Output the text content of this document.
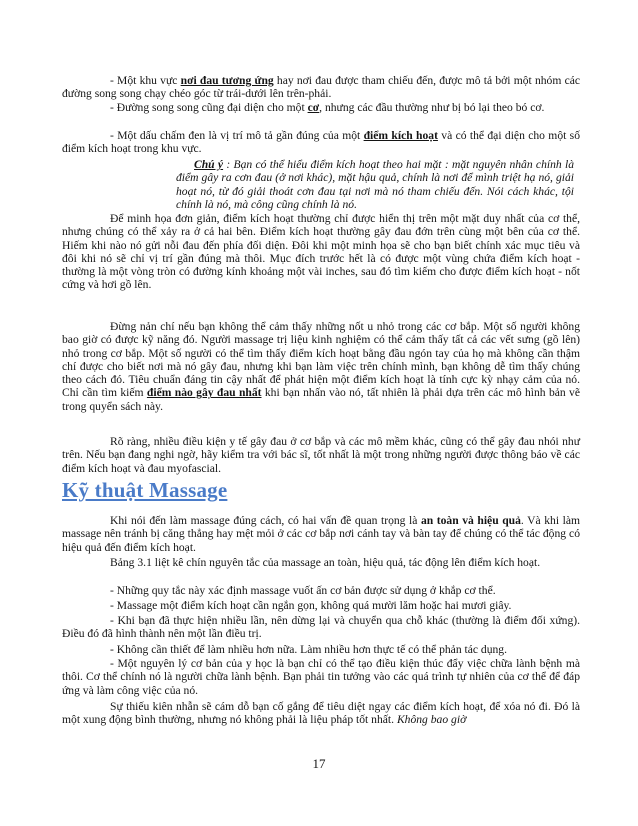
- Một khu vực nơi đau tương ứng hay nơi đau được tham chiếu đến, được mô tả bởi một nhóm các đường song song chạy chéo góc từ trái-dưới lên trên-phải.

- Đường song song cũng đại diện cho một cơ, nhưng các đầu thường như bị bó lại theo bó cơ.

- Một dấu chấm đen là vị trí mô tả gần đúng của một điểm kích hoạt và có thể đại diện cho một số điểm kích hoạt trong khu vực.

Chú ý : Bạn có thể hiểu điểm kích hoạt theo hai mặt : mặt nguyên nhân chính là điểm gây ra cơn đau (ở nơi khác), mặt hậu quả, chính là nơi để mình triệt hạ nó, giải hoạt nó, từ đó giải thoát cơn đau tại nơi mà nó tham chiếu đến. Nói cách khác, tội chính là nó, mà công cũng chính là nó.

Để minh họa đơn giản, điểm kích hoạt thường chỉ được hiển thị trên một mặt duy nhất của cơ thể, nhưng chúng có thể xảy ra ở cả hai bên. Điểm kích hoạt thường gây đau đớn trên cùng một bên của cơ thể. Hiếm khi nào nó gửi nỗi đau đến phía đối diện. Đôi khi một minh họa sẽ cho bạn biết chính xác mục tiêu và đôi khi nó sẽ chỉ vị trí gần đúng mà thôi. Mục đích trước hết là có được một vùng chứa điểm kích hoạt - thường là một vòng tròn có đường kính khoảng một vài inches, sau đó tìm kiếm cho được điểm kích hoạt - nốt cứng và hơi gồ lên.

Đừng nản chí nếu bạn không thể cảm thấy những nốt u nhỏ trong các cơ bắp. Một số người không bao giờ có được kỹ năng đó. Người massage trị liệu kinh nghiệm có thể cảm thấy tất cả các vết sưng (gồ lên) nhỏ trong cơ bắp. Một số người có thể tìm thấy điểm kích hoạt bằng đầu ngón tay của họ mà không cần thậm chí được cho biết nơi mà nó gây đau, nhưng khi bạn làm việc trên chính mình, bạn không dễ tìm thấy chúng theo cách đó. Tiêu chuẩn đáng tin cậy nhất để phát hiện một điểm kích hoạt là tính cực kỳ nhạy cảm của nó. Chỉ cần tìm kiếm điểm nào gây đau nhất khi bạn nhấn vào nó, tất nhiên là phải dựa trên các mô hình bản vẽ trong quyển sách này.

Rõ ràng, nhiều điều kiện y tế gây đau ở cơ bắp và các mô mềm khác, cũng có thể gây đau nhói như trên. Nếu bạn đang nghi ngờ, hãy kiểm tra với bác sĩ, tốt nhất là một trong những người được thông báo về các điểm kích hoạt và đau myofascial.

Kỹ thuật Massage

Khi nói đến làm massage đúng cách, có hai vấn đề quan trọng là an toàn và hiệu quả. Và khi làm massage nên tránh bị căng thẳng hay mệt mỏi ở các cơ bắp nơi cánh tay và bàn tay để chúng có thể tác động có hiệu quả đến điểm kích hoạt.

Bảng 3.1 liệt kê chín nguyên tắc của massage an toàn, hiệu quả, tác động lên điểm kích hoạt.

- Những quy tắc này xác định massage vuốt ấn cơ bản được sử dụng ở khắp cơ thể.

- Massage một điểm kích hoạt cần ngắn gọn, không quá mười lăm hoặc hai mươi giây.

- Khi bạn đã thực hiện nhiều lần, nên dừng lại và chuyển qua chỗ khác (thường là điểm đối xứng). Điều đó đã hình thành nên một lần điều trị.

- Không cần thiết để làm nhiều hơn nữa. Làm nhiều hơn thực tế có thể phản tác dụng.

- Một nguyên lý cơ bản của y học là bạn chỉ có thể tạo điều kiện thúc đẩy việc chữa lành bệnh mà thôi. Cơ thể chính nó là người chữa lành bệnh. Bạn phải tin tưởng vào các quá trình tự nhiên của cơ thể để đáp ứng và làm công việc của nó.

Sự thiếu kiên nhẫn sẽ cám dỗ bạn cố gắng để tiêu diệt ngay các điểm kích hoạt, để xóa nó đi. Đó là một xung động bình thường, nhưng nó không phải là liệu pháp tốt nhất. Không bao giờ

17
